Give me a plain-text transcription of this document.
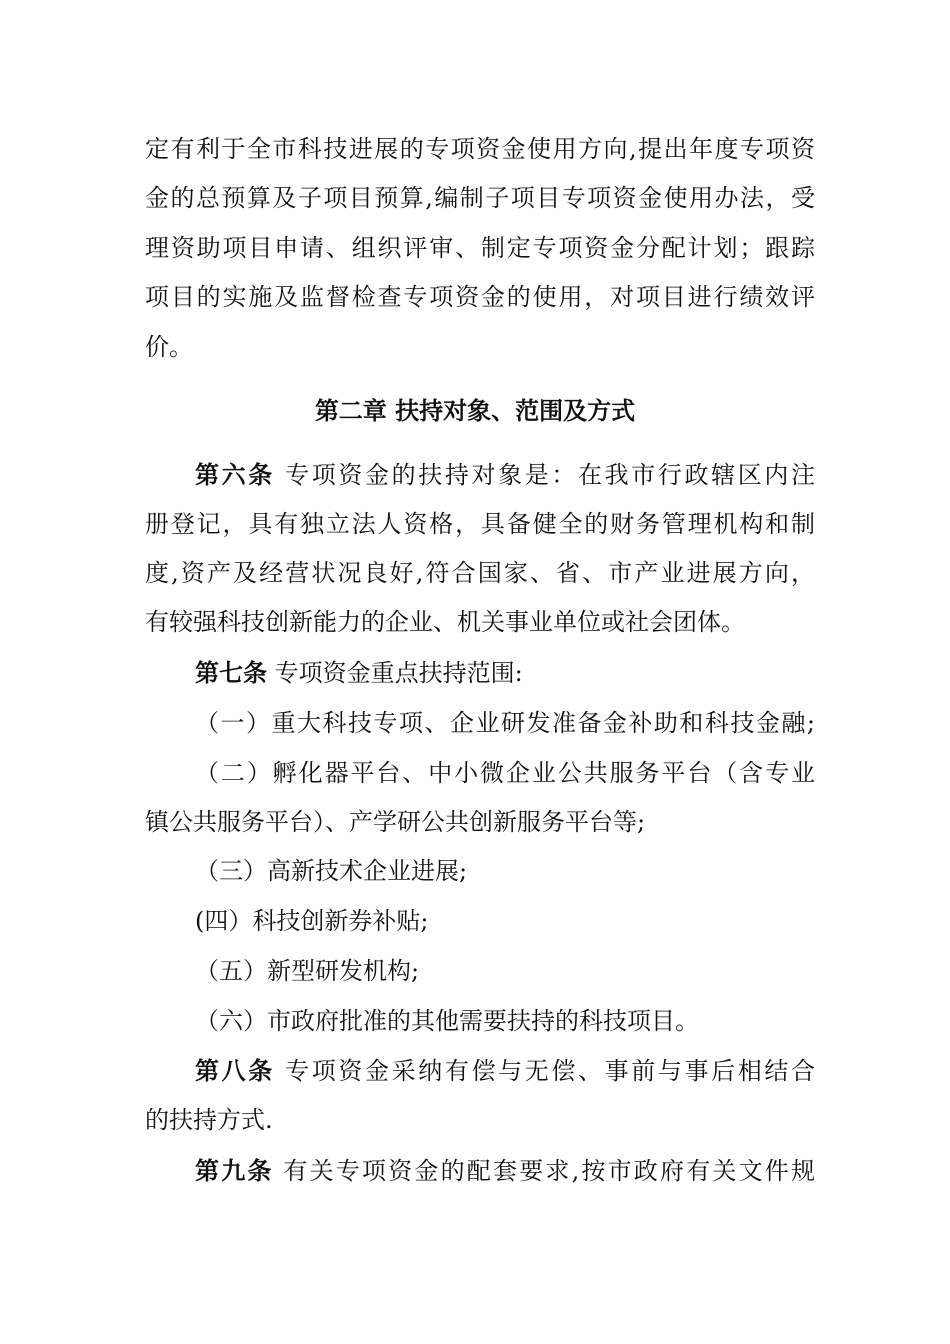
定有利于全市科技进展的专项资金使用方向,提出年度专项资
金的总预算及子项目预算,编制子项目专项资金使用办法，受
理资助项目申请、组织评审、制定专项资金分配计划；跟踪
项目的实施及监督检查专项资金的使用，对项目进行绩效评
价。
第二章 扶持对象、范围及方式
第六条 专项资金的扶持对象是：在我市行政辖区内注
册登记，具有独立法人资格，具备健全的财务管理机构和制
度,资产及经营状况良好,符合国家、省、市产业进展方向，
有较强科技创新能力的企业、机关事业单位或社会团体。
第七条 专项资金重点扶持范围:
（一）重大科技专项、企业研发准备金补助和科技金融;
（二）孵化器平台、中小微企业公共服务平台（含专业
镇公共服务平台）、产学研公共创新服务平台等;
（三）高新技术企业进展;
(四）科技创新券补贴;
（五）新型研发机构;
（六）市政府批准的其他需要扶持的科技项目。
第八条 专项资金采纳有偿与无偿、事前与事后相结合
的扶持方式.
第九条 有关专项资金的配套要求,按市政府有关文件规
